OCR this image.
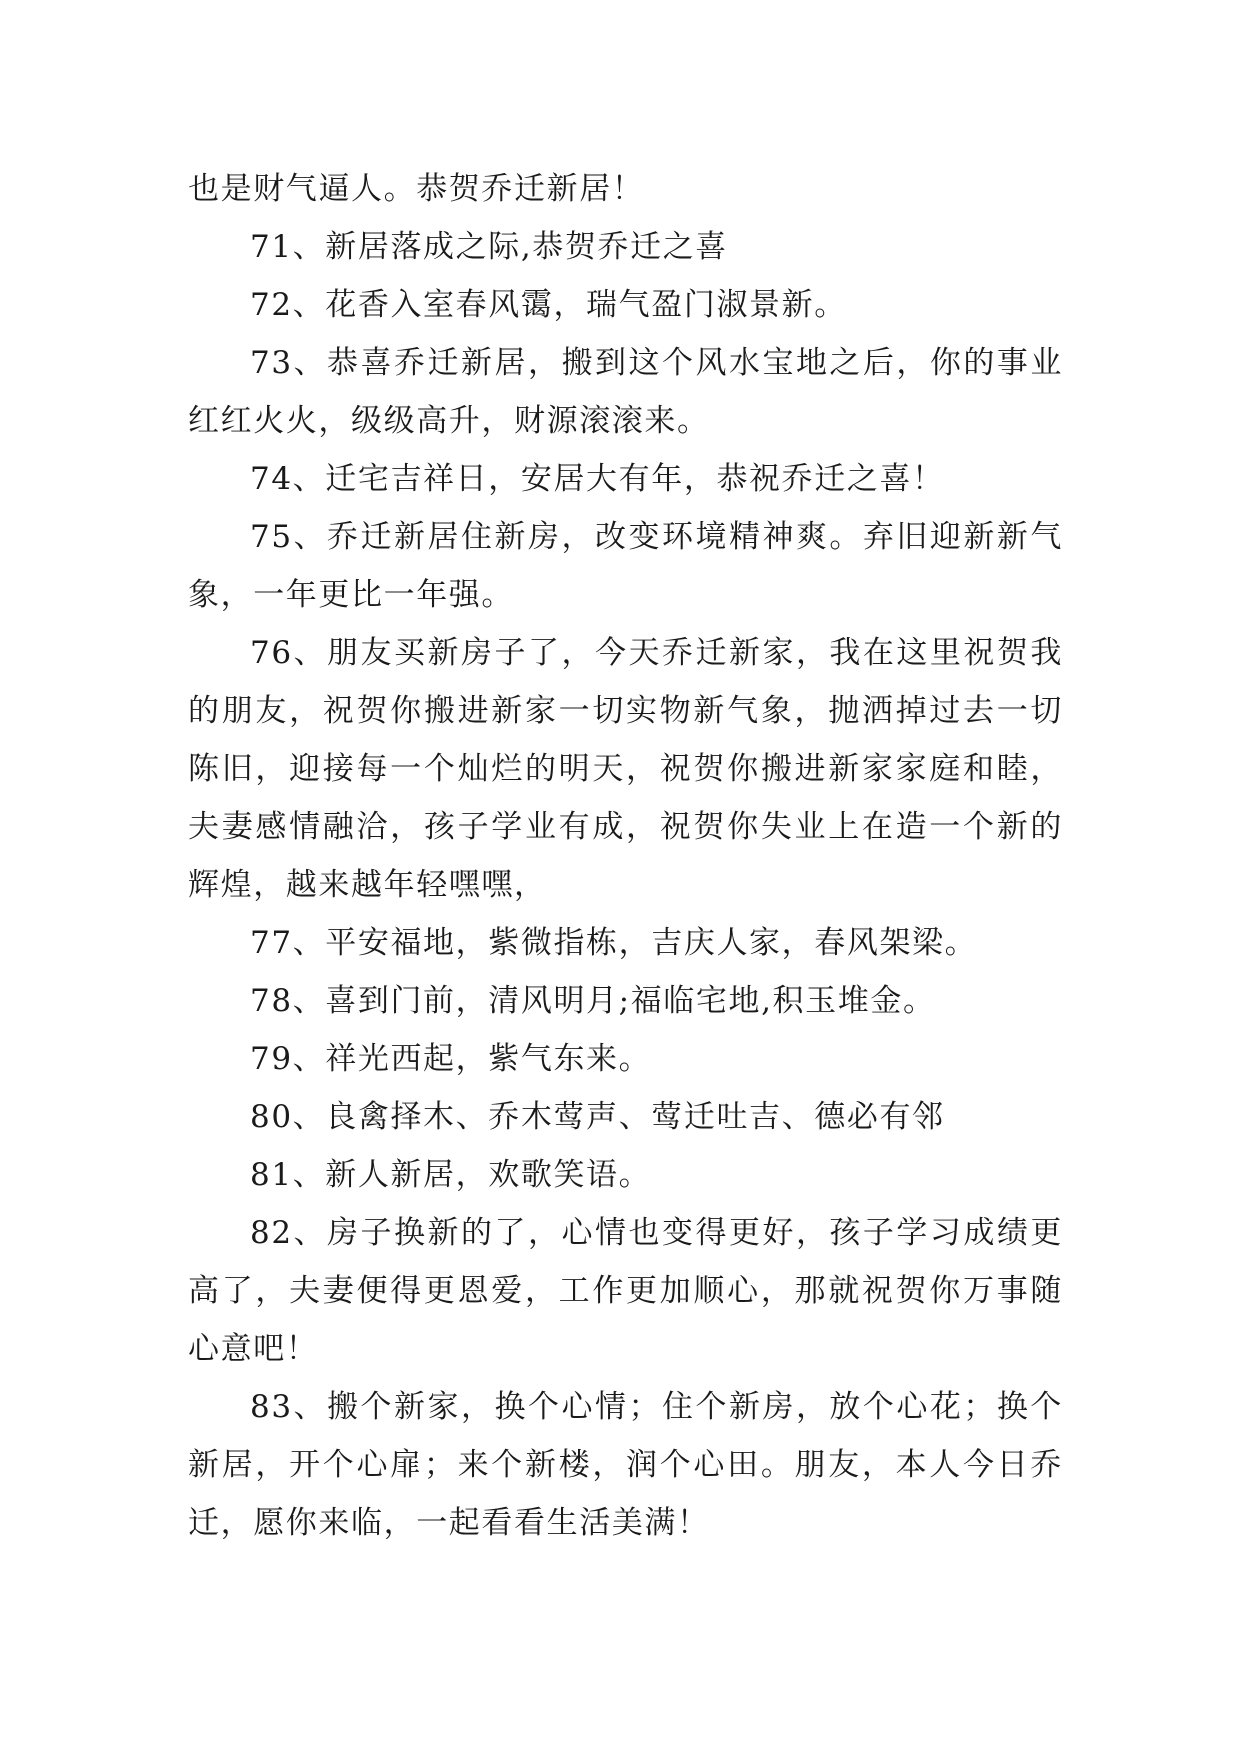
也是财气逼人。恭贺乔迁新居！

71、新居落成之际,恭贺乔迁之喜

72、花香入室春风霭，瑞气盈门淑景新。

73、恭喜乔迁新居，搬到这个风水宝地之后，你的事业红红火火，级级高升，财源滚滚来。

74、迁宅吉祥日，安居大有年，恭祝乔迁之喜！

75、乔迁新居住新房，改变环境精神爽。弃旧迎新新气象，一年更比一年强。

76、朋友买新房子了，今天乔迁新家，我在这里祝贺我的朋友，祝贺你搬进新家一切实物新气象，抛洒掉过去一切陈旧，迎接每一个灿烂的明天，祝贺你搬进新家家庭和睦，夫妻感情融洽，孩子学业有成，祝贺你失业上在造一个新的辉煌，越来越年轻嘿嘿，

77、平安福地，紫微指栋，吉庆人家，春风架梁。

78、喜到门前，清风明月;福临宅地,积玉堆金。

79、祥光西起，紫气东来。

80、良禽择木、乔木莺声、莺迁吐吉、德必有邻

81、新人新居，欢歌笑语。

82、房子换新的了，心情也变得更好，孩子学习成绩更高了，夫妻便得更恩爱，工作更加顺心，那就祝贺你万事随心意吧！

83、搬个新家，换个心情；住个新房，放个心花；换个新居，开个心扉；来个新楼，润个心田。朋友，本人今日乔迁，愿你来临，一起看看生活美满！
